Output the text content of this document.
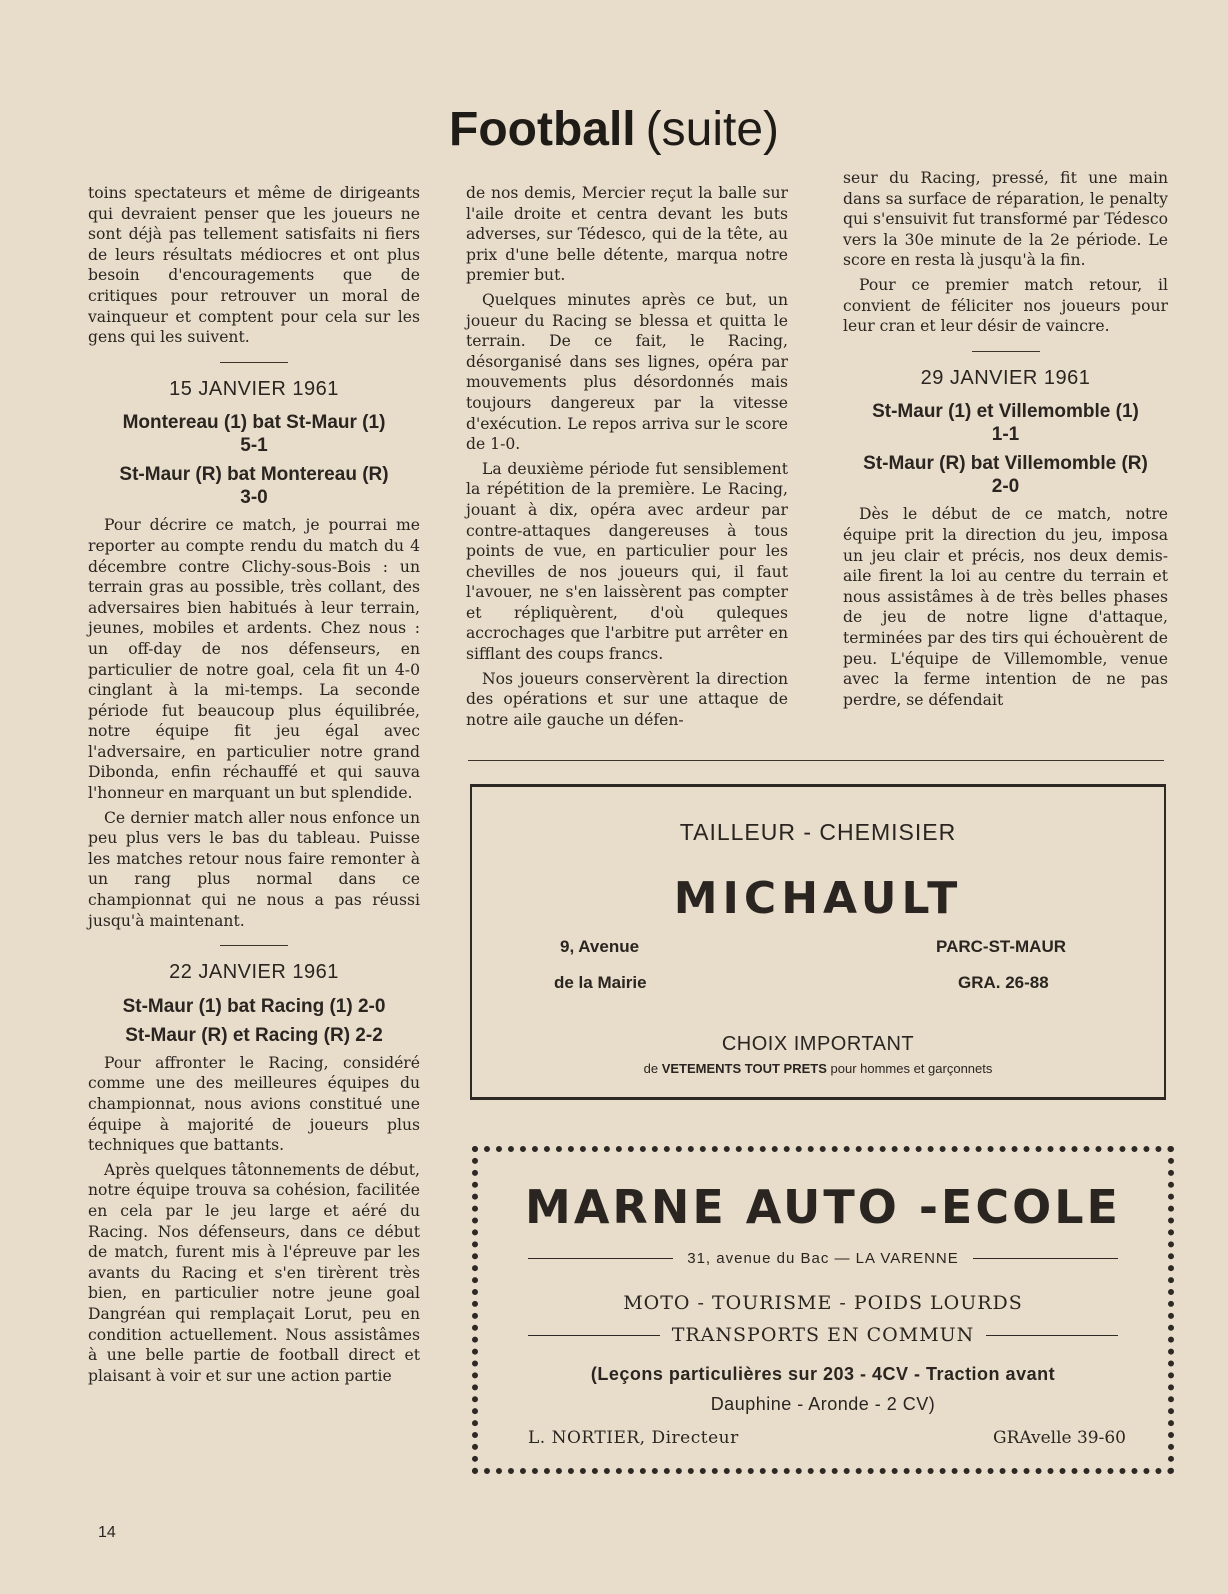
Football (suite)

toins spectateurs et même de dirigeants qui devraient penser que les joueurs ne sont déjà pas tellement satisfaits ni fiers de leurs résultats médiocres et ont plus besoin d'encouragements que de critiques pour retrouver un moral de vainqueur et comptent pour cela sur les gens qui les suivent.

15 JANVIER 1961
Montereau (1) bat St-Maur (1)
5-1
St-Maur (R) bat Montereau (R)
3-0

Pour décrire ce match, je pourrai me reporter au compte rendu du match du 4 décembre contre Clichy-sous-Bois : un terrain gras au possible, très collant, des adversaires bien habitués à leur terrain, jeunes, mobiles et ardents. Chez nous : un off-day de nos défenseurs, en particulier de notre goal, cela fit un 4-0 cinglant à la mi-temps. La seconde période fut beaucoup plus équilibrée, notre équipe fit jeu égal avec l'adversaire, en particulier notre grand Dibonda, enfin réchauffé et qui sauva l'honneur en marquant un but splendide.

Ce dernier match aller nous enfonce un peu plus vers le bas du tableau. Puisse les matches retour nous faire remonter à un rang plus normal dans ce championnat qui ne nous a pas réussi jusqu'à maintenant.

22 JANVIER 1961
St-Maur (1) bat Racing (1) 2-0
St-Maur (R) et Racing (R) 2-2

Pour affronter le Racing, considéré comme une des meilleures équipes du championnat, nous avions constitué une équipe à majorité de joueurs plus techniques que battants.

Après quelques tâtonnements de début, notre équipe trouva sa cohésion, facilitée en cela par le jeu large et aéré du Racing. Nos défenseurs, dans ce début de match, furent mis à l'épreuve par les avants du Racing et s'en tirèrent très bien, en particulier notre jeune goal Dangréan qui remplaçait Lorut, peu en condition actuellement. Nous assistâmes à une belle partie de football direct et plaisant à voir et sur une action partie

de nos demis, Mercier reçut la balle sur l'aile droite et centra devant les buts adverses, sur Tédesco, qui de la tête, au prix d'une belle détente, marqua notre premier but.

Quelques minutes après ce but, un joueur du Racing se blessa et quitta le terrain. De ce fait, le Racing, désorganisé dans ses lignes, opéra par mouvements plus désordonnés mais toujours dangereux par la vitesse d'exécution. Le repos arriva sur le score de 1-0.

La deuxième période fut sensiblement la répétition de la première. Le Racing, jouant à dix, opéra avec ardeur par contre-attaques dangereuses à tous points de vue, en particulier pour les chevilles de nos joueurs qui, il faut l'avouer, ne s'en laissèrent pas compter et répliquèrent, d'où quleques accrochages que l'arbitre put arrêter en sifflant des coups francs.

Nos joueurs conservèrent la direction des opérations et sur une attaque de notre aile gauche un défen-

seur du Racing, pressé, fit une main dans sa surface de réparation, le penalty qui s'ensuivit fut transformé par Tédesco vers la 30e minute de la 2e période. Le score en resta là jusqu'à la fin.

Pour ce premier match retour, il convient de féliciter nos joueurs pour leur cran et leur désir de vaincre.

29 JANVIER 1961
St-Maur (1) et Villemomble (1)
1-1
St-Maur (R) bat Villemomble (R)
2-0

Dès le début de ce match, notre équipe prit la direction du jeu, imposa un jeu clair et précis, nos deux demis-aile firent la loi au centre du terrain et nous assistâmes à de très belles phases de jeu de notre ligne d'attaque, terminées par des tirs qui échouèrent de peu. L'équipe de Villemomble, venue avec la ferme intention de ne pas perdre, se défendait

TAILLEUR - CHEMISIER
MICHAULT
9, Avenue
de la Mairie
PARC-ST-MAUR
GRA. 26-88
CHOIX IMPORTANT
de VETEMENTS TOUT PRETS pour hommes et garçonnets
MARNE AUTO -ECOLE
31, avenue du Bac — LA VARENNE
MOTO - TOURISME - POIDS LOURDS
TRANSPORTS EN COMMUN
(Leçons particulières sur 203 - 4CV - Traction avant
Dauphine - Aronde - 2 CV)
L. NORTIER, Directeur	GRAvelle 39-60
14
